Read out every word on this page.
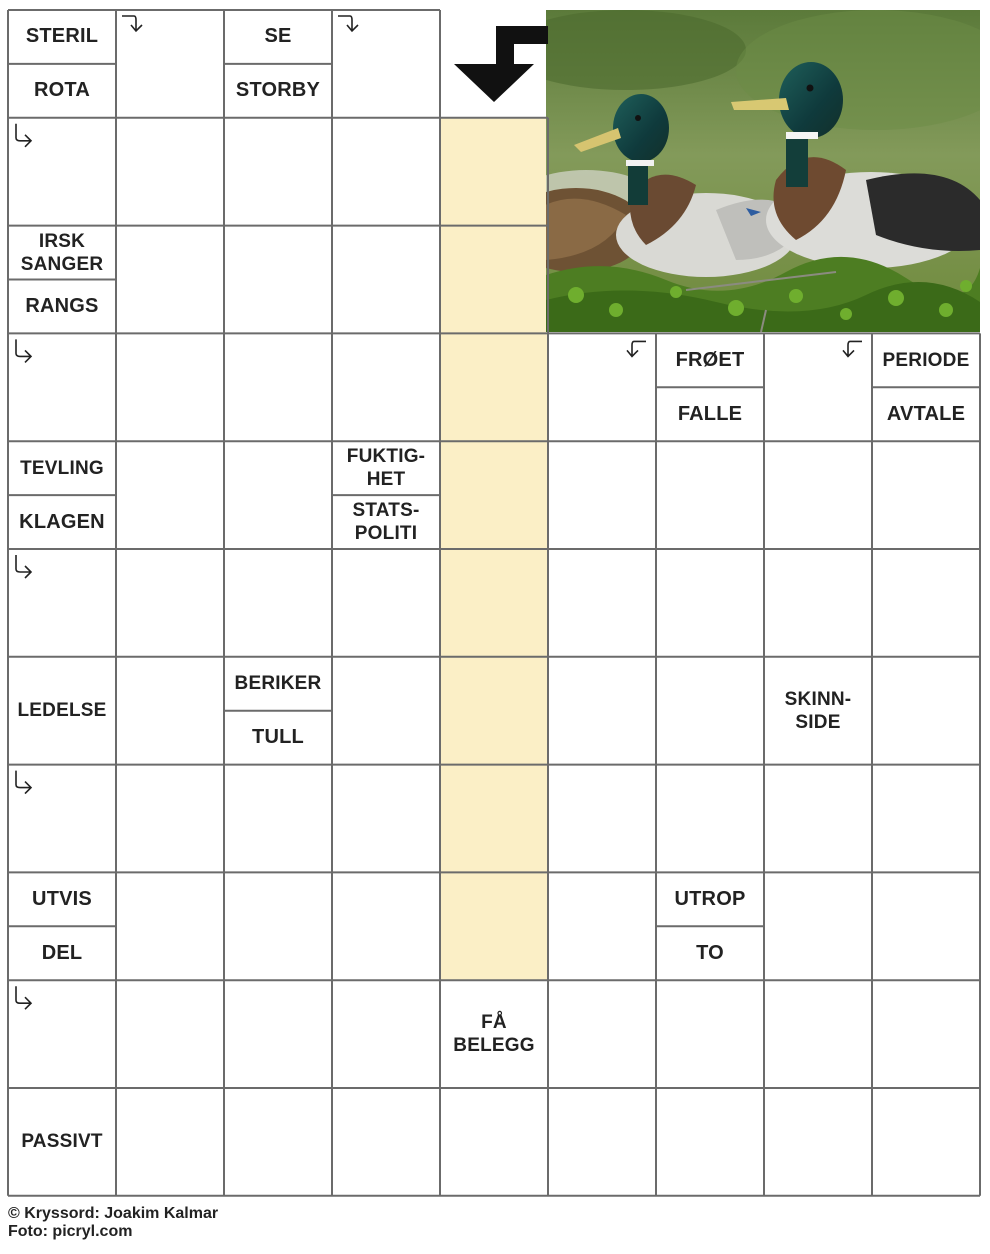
STERIL
ROTA
SE
STORBY
IRSK
SANGER
RANGS
FRØET
FALLE
PERIODE
AVTALE
TEVLING
KLAGEN
FUKTIG-
HET
STATS-
POLITI
LEDELSE
BERIKER
TULL
SKINN-
SIDE
UTVIS
DEL
UTROP
TO
FÅ
BELEGG
PASSIVT
© Kryssord: Joakim Kalmar
Foto: picryl.com
